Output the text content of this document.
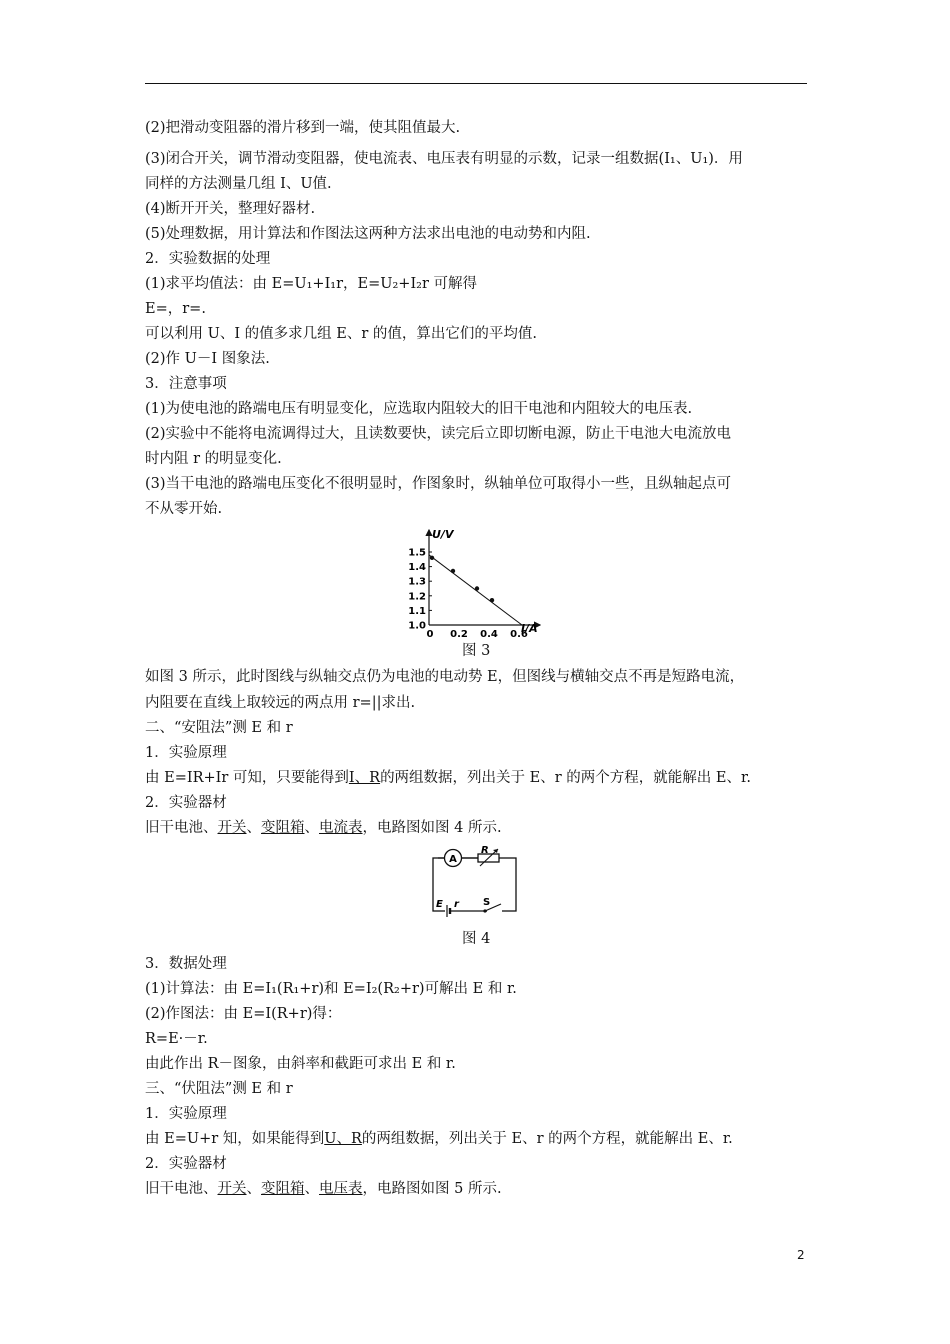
(2)把滑动变阻器的滑片移到一端，使其阻值最大.
(3)闭合开关，调节滑动变阻器，使电流表、电压表有明显的示数，记录一组数据(I₁、U₁)．用
同样的方法测量几组 I、U值.
(4)断开开关，整理好器材.
(5)处理数据，用计算法和作图法这两种方法求出电池的电动势和内阻.
2．实验数据的处理
(1)求平均值法：由 E=U₁+I₁r，E=U₂+I₂r 可解得
E=，r=.
可以利用 U、I 的值多求几组 E、r 的值，算出它们的平均值.
(2)作 U－I 图象法.
3．注意事项
(1)为使电池的路端电压有明显变化，应选取内阻较大的旧干电池和内阻较大的电压表.
(2)实验中不能将电流调得过大，且读数要快，读完后立即切断电源，防止干电池大电流放电
时内阻 r 的明显变化.
(3)当干电池的路端电压变化不很明显时，作图象时，纵轴单位可取得小一些，且纵轴起点可
不从零开始.
1.0
1.1
1.2
1.3
1.4
1.5
0 0.2 0.4 0.6
U/V
I/A
图 3
如图 3 所示，此时图线与纵轴交点仍为电池的电动势 E，但图线与横轴交点不再是短路电流，
内阻要在直线上取较远的两点用 r=||求出.
二、“安阻法”测 E 和 r
1．实验原理
由 E=IR+Ir 可知，只要能得到I、R的两组数据，列出关于 E、r 的两个方程，就能解出 E、r.
2．实验器材
旧干电池、开关、变阻箱、电流表，电路图如图 4 所示.
A
R
E r S
图 4
3．数据处理
(1)计算法：由 E=I₁(R₁+r)和 E=I₂(R₂+r)可解出 E 和 r.
(2)作图法：由 E=I(R+r)得：
R=E·－r.
由此作出 R－图象，由斜率和截距可求出 E 和 r.
三、“伏阻法”测 E 和 r
1．实验原理
由 E=U+r 知，如果能得到U、R的两组数据，列出关于 E、r 的两个方程，就能解出 E、r.
2．实验器材
旧干电池、开关、变阻箱、电压表，电路图如图 5 所示.
2
